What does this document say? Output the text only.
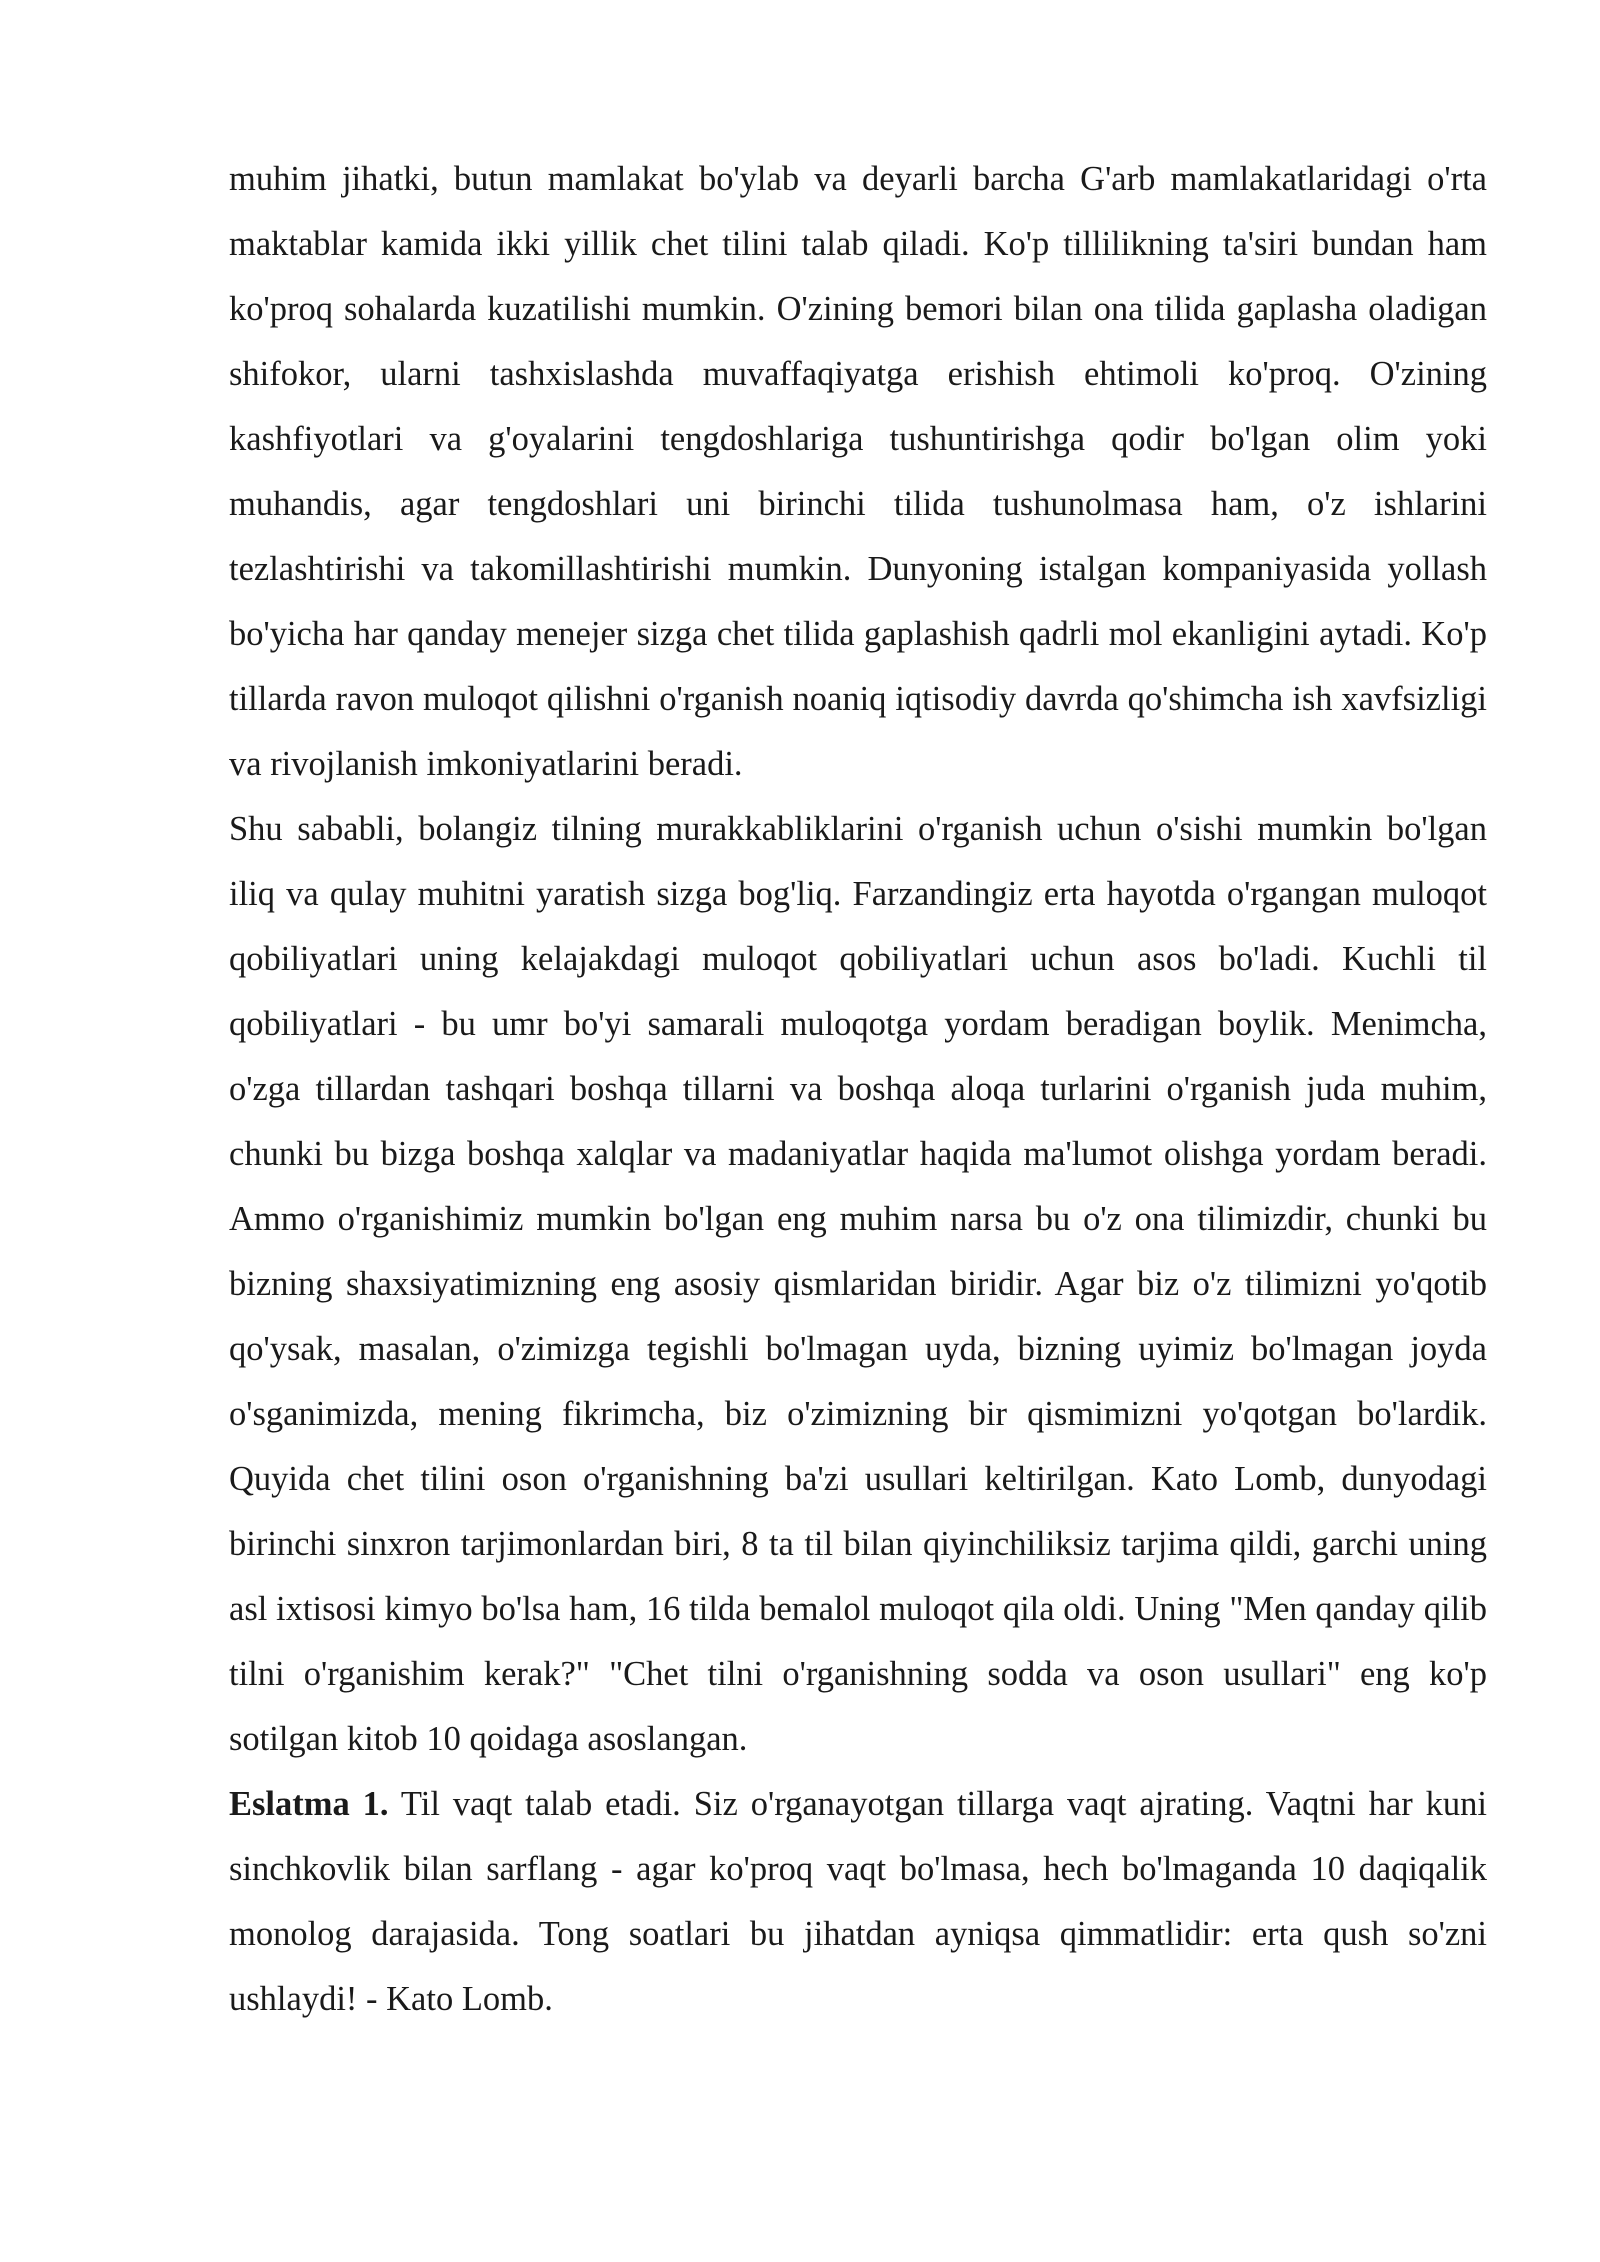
muhim jihatki, butun mamlakat bo'ylab va deyarli barcha G'arb mamlakatlaridagi o'rta maktablar kamida ikki yillik chet tilini talab qiladi. Ko'p tillilikning ta'siri bundan ham ko'proq sohalarda kuzatilishi mumkin. O'zining bemori bilan ona tilida gaplasha oladigan shifokor, ularni tashxislashda muvaffaqiyatga erishish ehtimoli ko'proq. O'zining kashfiyotlari va g'oyalarini tengdoshlariga tushuntirishga qodir bo'lgan olim yoki muhandis, agar tengdoshlari uni birinchi tilida tushunolmasa ham, o'z ishlarini tezlashtirishi va takomillashtirishi mumkin. Dunyoning istalgan kompaniyasida yollash bo'yicha har qanday menejer sizga chet tilida gaplashish qadrli mol ekanligini aytadi. Ko'p tillarda ravon muloqot qilishni o'rganish noaniq iqtisodiy davrda qo'shimcha ish xavfsizligi va rivojlanish imkoniyatlarini beradi.

Shu sababli, bolangiz tilning murakkabliklarini o'rganish uchun o'sishi mumkin bo'lgan iliq va qulay muhitni yaratish sizga bog'liq. Farzandingiz erta hayotda o'rgangan muloqot qobiliyatlari uning kelajakdagi muloqot qobiliyatlari uchun asos bo'ladi. Kuchli til qobiliyatlari - bu umr bo'yi samarali muloqotga yordam beradigan boylik. Menimcha, o'zga tillardan tashqari boshqa tillarni va boshqa aloqa turlarini o'rganish juda muhim, chunki bu bizga boshqa xalqlar va madaniyatlar haqida ma'lumot olishga yordam beradi. Ammo o'rganishimiz mumkin bo'lgan eng muhim narsa bu o'z ona tilimizdir, chunki bu bizning shaxsiyatimizning eng asosiy qismlaridan biridir. Agar biz o'z tilimizni yo'qotib qo'ysak, masalan, o'zimizga tegishli bo'lmagan uyda, bizning uyimiz bo'lmagan joyda o'sganimizda, mening fikrimcha, biz o'zimizning bir qismimizni yo'qotgan bo'lardik. Quyida chet tilini oson o'rganishning ba'zi usullari keltirilgan. Kato Lomb, dunyodagi birinchi sinxron tarjimonlardan biri, 8 ta til bilan qiyinchiliksiz tarjima qildi, garchi uning asl ixtisosi kimyo bo'lsa ham, 16 tilda bemalol muloqot qila oldi. Uning "Men qanday qilib tilni o'rganishim kerak?" "Chet tilni o'rganishning sodda va oson usullari" eng ko'p sotilgan kitob 10 qoidaga asoslangan.

Eslatma 1. Til vaqt talab etadi. Siz o'rganayotgan tillarga vaqt ajrating. Vaqtni har kuni sinchkovlik bilan sarflang - agar ko'proq vaqt bo'lmasa, hech bo'lmaganda 10 daqiqalik monolog darajasida. Tong soatlari bu jihatdan ayniqsa qimmatlidir: erta qush so'zni ushlaydi! - Kato Lomb.
